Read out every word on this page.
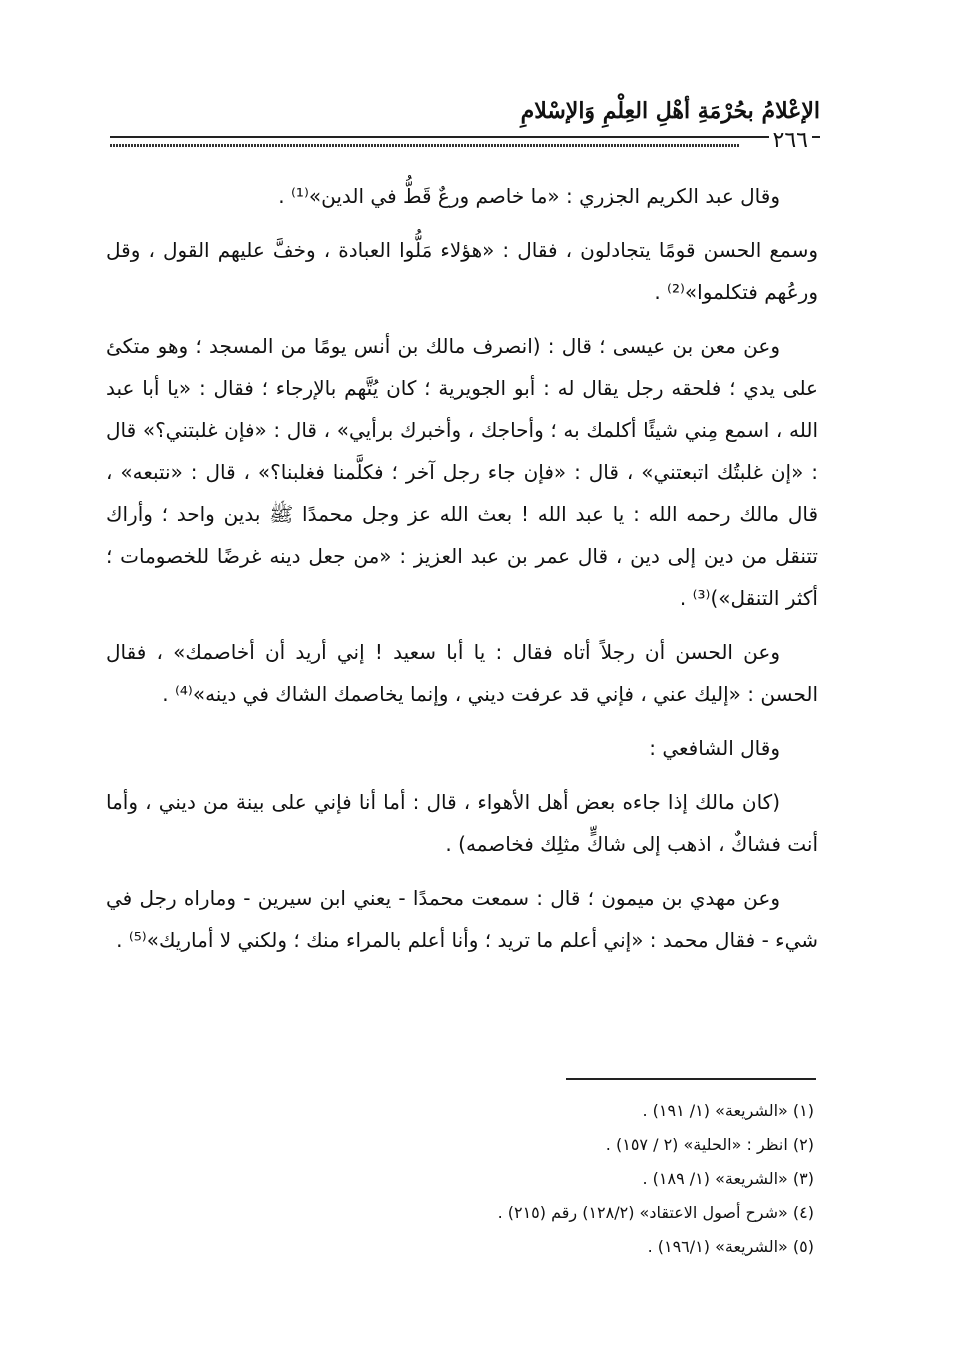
الإعْلامُ بحُرْمَةِ أهْلِ العِلْمِ وَالإسْلامِ
٢٦٦

وقال عبد الكريم الجزري : «ما خاصم ورعٌ قَطُّ في الدين»⁽¹⁾ .

وسمع الحسن قومًا يتجادلون ، فقال : «هؤلاء مَلُّوا العبادة ، وخفَّ عليهم القول ، وقل ورعُهم فتكلموا»⁽²⁾ .

وعن معن بن عيسى ؛ قال : (انصرف مالك بن أنس يومًا من المسجد ؛ وهو متكئ على يدي ؛ فلحقه رجل يقال له : أبو الجويرية ؛ كان يُتَّهم بالإرجاء ؛ فقال : «يا أبا عبد الله ، اسمع مِني شيئًا أكلمك به ؛ وأحاجك ، وأخبرك برأيي» ، قال : «فإن غلبتني؟» قال : «إن غلبتُك اتبعتني» ، قال : «فإن جاء رجل آخر ؛ فكلَّمنا فغلبنا؟» ، قال : «نتبعه» ، قال مالك رحمه الله : يا عبد الله ! بعث الله عز وجل محمدًا ﷺ بدين واحد ؛ وأراك تتنقل من دين إلى دين ، قال عمر بن عبد العزيز : «من جعل دينه غرضًا للخصومات ؛ أكثر التنقل»)⁽³⁾ .

وعن الحسن أن رجلاً أتاه فقال : يا أبا سعيد ! إني أريد أن أخاصمك» ، فقال الحسن : «إليك عني ، فإني قد عرفت ديني ، وإنما يخاصمك الشاك في دينه»⁽⁴⁾ .

وقال الشافعي :

(كان مالك إذا جاءه بعض أهل الأهواء ، قال : أما أنا فإني على بينة من ديني ، وأما أنت فشاكٌ ، اذهب إلى شاكٍّ مثلِك فخاصمه) .

وعن مهدي بن ميمون ؛ قال : سمعت محمدًا - يعني ابن سيرين - وماراه رجل في شيء - فقال محمد : «إني أعلم ما تريد ؛ وأنا أعلم بالمراء منك ؛ ولكني لا أماريك»⁽⁵⁾ .

(١) «الشريعة» (١/ ١٩١) .
(٢) انظر : «الحلية» (٢ / ١٥٧) .
(٣) «الشريعة» (١/ ١٨٩) .
(٤) «شرح أصول الاعتقاد» (١٢٨/٢) رقم (٢١٥) .
(٥) «الشريعة» (١٩٦/١) .
